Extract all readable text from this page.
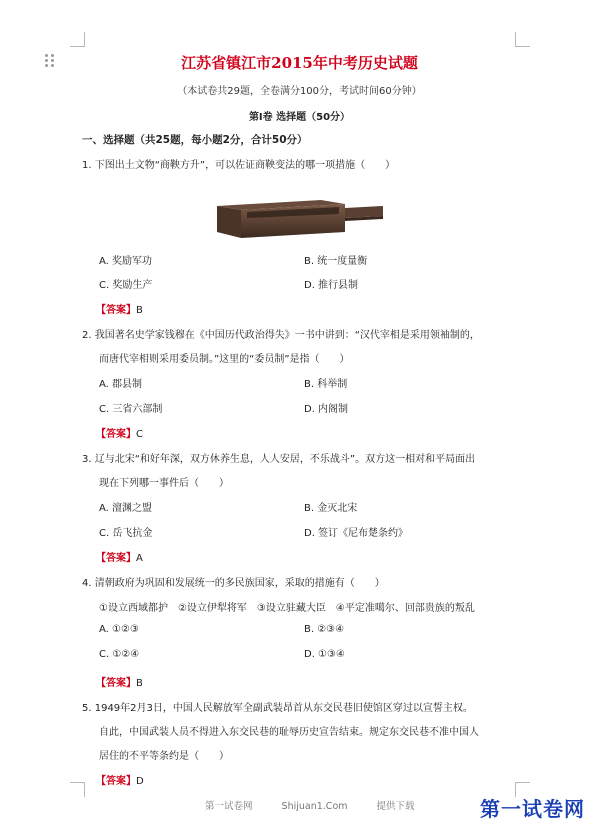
江苏省镇江市2015年中考历史试题
（本试卷共29题，全卷满分100分，考试时间60分钟）
第Ⅰ卷 选择题（50分）
一、选择题（共25题，每小题2分，合计50分）
1. 下图出土文物“商鞅方升”，可以佐证商鞅变法的哪一项措施（　　）
A. 奖励军功	B. 统一度量衡
C. 奖励生产	D. 推行县制
【答案】B
2. 我国著名史学家钱穆在《中国历代政治得失》一书中讲到：“汉代宰相是采用领袖制的，
而唐代宰相则采用委员制。”这里的“委员制”是指（　　）
A. 郡县制	B. 科举制
C. 三省六部制	D. 内阁制
【答案】C
3. 辽与北宋“和好年深，双方休养生息，人人安居，不乐战斗”。双方这一相对和平局面出
现在下列哪一事件后（　　）
A. 澶渊之盟	B. 金灭北宋
C. 岳飞抗金	D. 签订《尼布楚条约》
【答案】A
4. 清朝政府为巩固和发展统一的多民族国家，采取的措施有（　　）
①设立西域都护　②设立伊犁将军　③设立驻藏大臣　④平定准噶尔、回部贵族的叛乱
A. ①②③	B. ②③④
C. ①②④	D. ①③④
【答案】B
5. 1949年2月3日，中国人民解放军全副武装昂首从东交民巷旧使馆区穿过以宣誓主权。
自此，中国武装人员不得进入东交民巷的耻辱历史宣告结束。规定东交民巷不准中国人
居住的不平等条约是（　　）
【答案】D
第一试卷网	Shijuan1.Com	提供下载	第一试卷网
